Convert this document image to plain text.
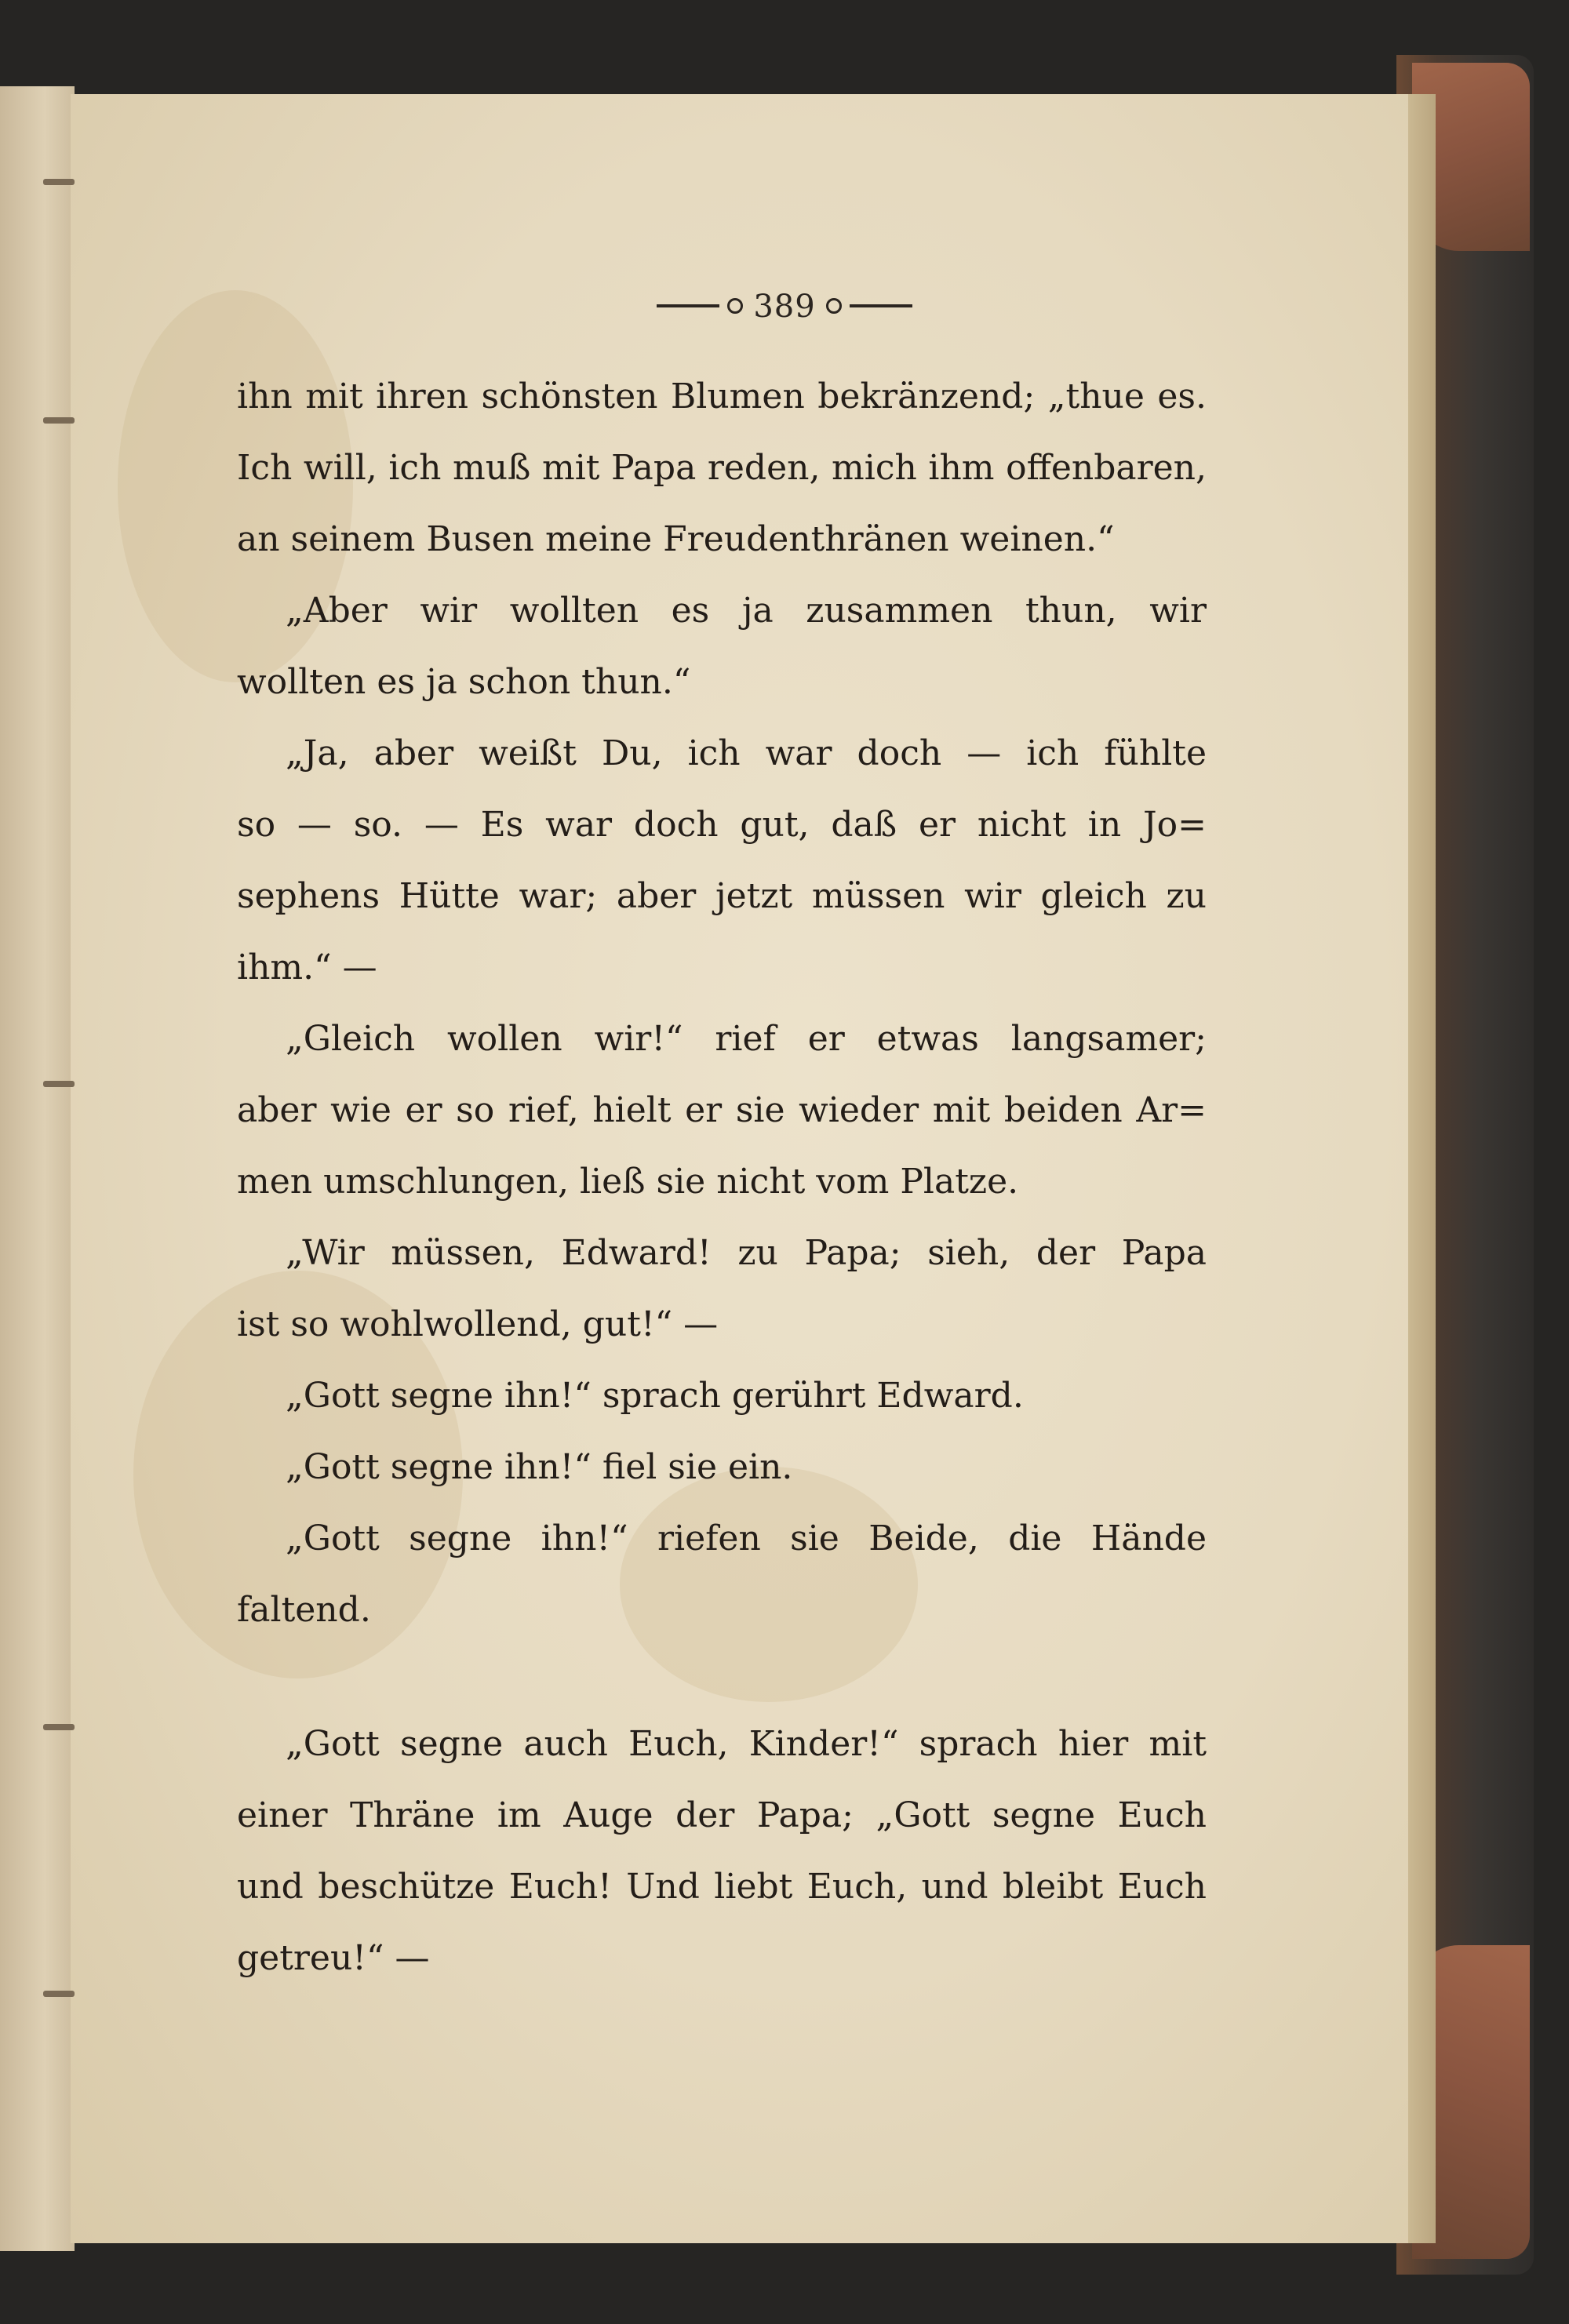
389
ihn mit ihren schönsten Blumen bekränzend; „thue es.
Ich will, ich muß mit Papa reden, mich ihm offenbaren,
an seinem Busen meine Freudenthränen weinen.“
„Aber wir wollten es ja zusammen thun, wir
wollten es ja schon thun.“
„Ja, aber weißt Du, ich war doch — ich fühlte
so — so. — Es war doch gut, daß er nicht in Jo=
sephens Hütte war; aber jetzt müssen wir gleich zu
ihm.“ —
„Gleich wollen wir!“ rief er etwas langsamer;
aber wie er so rief, hielt er sie wieder mit beiden Ar=
men umschlungen, ließ sie nicht vom Platze.
„Wir müssen, Edward! zu Papa; sieh, der Papa
ist so wohlwollend, gut!“ —
„Gott segne ihn!“ sprach gerührt Edward.
„Gott segne ihn!“ fiel sie ein.
„Gott segne ihn!“ riefen sie Beide, die Hände
faltend.
„Gott segne auch Euch, Kinder!“ sprach hier mit
einer Thräne im Auge der Papa; „Gott segne Euch
und beschütze Euch! Und liebt Euch, und bleibt Euch
getreu!“ —
